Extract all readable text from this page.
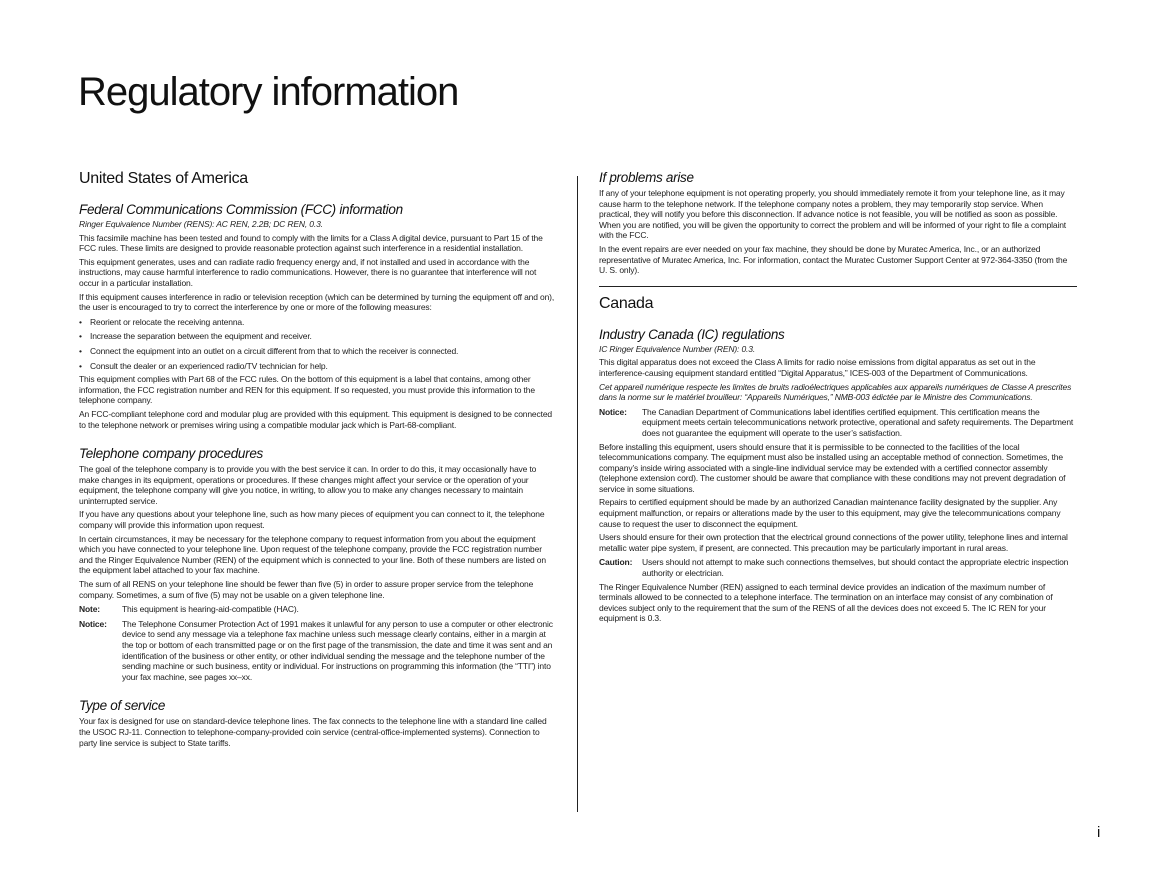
Regulatory information
United States of America
Federal Communications Commission (FCC) information
Ringer Equivalence Number (RENS): AC REN, 2.2B; DC REN, 0.3.
This facsimile machine has been tested and found to comply with the limits for a Class A digital device, pursuant to Part 15 of the FCC rules. These limits are designed to provide reasonable protection against such interference in a residential installation.
This equipment generates, uses and can radiate radio frequency energy and, if not installed and used in accordance with the instructions, may cause harmful interference to radio communications. However, there is no guarantee that interference will not occur in a particular installation.
If this equipment causes interference in radio or television reception (which can be determined by turning the equipment off and on), the user is encouraged to try to correct the interference by one or more of the following measures:
• Reorient or relocate the receiving antenna.
• Increase the separation between the equipment and receiver.
• Connect the equipment into an outlet on a circuit different from that to which the receiver is connected.
• Consult the dealer or an experienced radio/TV technician for help.
This equipment complies with Part 68 of the FCC rules. On the bottom of this equipment is a label that contains, among other information, the FCC registration number and REN for this equipment. If so requested, you must provide this information to the telephone company.
An FCC-compliant telephone cord and modular plug are provided with this equipment. This equipment is designed to be connected to the telephone network or premises wiring using a compatible modular jack which is Part-68-compliant.
Telephone company procedures
The goal of the telephone company is to provide you with the best service it can. In order to do this, it may occasionally have to make changes in its equipment, operations or procedures. If these changes might affect your service or the operation of your equipment, the telephone company will give you notice, in writing, to allow you to make any changes necessary to maintain uninterrupted service.
If you have any questions about your telephone line, such as how many pieces of equipment you can connect to it, the telephone company will provide this information upon request.
In certain circumstances, it may be necessary for the telephone company to request information from you about the equipment which you have connected to your telephone line. Upon request of the telephone company, provide the FCC registration number and the Ringer Equivalence Number (REN) of the equipment which is connected to your line. Both of these numbers are listed on the equipment label attached to your fax machine.
The sum of all RENS on your telephone line should be fewer than five (5) in order to assure proper service from the telephone company. Sometimes, a sum of five (5) may not be usable on a given telephone line.
Note:	This equipment is hearing-aid-compatible (HAC).
Notice:	The Telephone Consumer Protection Act of 1991 makes it unlawful for any person to use a computer or other electronic device to send any message via a telephone fax machine unless such message clearly contains, either in a margin at the top or bottom of each transmitted page or on the first page of the transmission, the date and time it was sent and an identification of the business or other entity, or other individual sending the message and the telephone number of the sending machine or such business, entity or individual. For instructions on programming this information (the “TTI”) into your fax machine, see pages xx–xx.
Type of service
Your fax is designed for use on standard-device telephone lines. The fax connects to the telephone line with a standard line called the USOC RJ-11. Connection to telephone-company-provided coin service (central-office-implemented systems). Connection to party line service is subject to State tariffs.
If problems arise
If any of your telephone equipment is not operating properly, you should immediately remote it from your telephone line, as it may cause harm to the telephone network. If the telephone company notes a problem, they may temporarily stop service. When practical, they will notify you before this disconnection. If advance notice is not feasible, you will be notified as soon as possible. When you are notified, you will be given the opportunity to correct the problem and will be informed of your right to file a complaint with the FCC.
In the event repairs are ever needed on your fax machine, they should be done by Muratec America, Inc., or an authorized representative of Muratec America, Inc. For information, contact the Muratec Customer Support Center at 972-364-3350 (from the U. S. only).
Canada
Industry Canada (IC) regulations
IC Ringer Equivalence Number (REN): 0.3.
This digital apparatus does not exceed the Class A limits for radio noise emissions from digital apparatus as set out in the interference-causing equipment standard entitled “Digital Apparatus,” ICES-003 of the Department of Communications.
Cet appareil numérique respecte les limites de bruits radioélectriques applicables aux appareils numériques de Classe A prescrites dans la norme sur le matériel brouilleur: “Appareils Numériques,” NMB-003 édictée par le Ministre des Communications.
Notice:	The Canadian Department of Communications label identifies certified equipment. This certification means the equipment meets certain telecommunications network protective, operational and safety requirements. The Department does not guarantee the equipment will operate to the user’s satisfaction.
Before installing this equipment, users should ensure that it is permissible to be connected to the facilities of the local telecommunications company. The equipment must also be installed using an acceptable method of connection. Sometimes, the company’s inside wiring associated with a single-line individual service may be extended with a certified connector assembly (telephone extension cord). The customer should be aware that compliance with these conditions may not prevent degradation of service in some situations.
Repairs to certified equipment should be made by an authorized Canadian maintenance facility designated by the supplier. Any equipment malfunction, or repairs or alterations made by the user to this equipment, may give the telecommunications company cause to request the user to disconnect the equipment.
Users should ensure for their own protection that the electrical ground connections of the power utility, telephone lines and internal metallic water pipe system, if present, are connected. This precaution may be particularly important in rural areas.
Caution:	Users should not attempt to make such connections themselves, but should contact the appropriate electric inspection authority or electrician.
The Ringer Equivalence Number (REN) assigned to each terminal device provides an indication of the maximum number of terminals allowed to be connected to a telephone interface. The termination on an interface may consist of any combination of devices subject only to the requirement that the sum of the RENS of all the devices does not exceed 5. The IC REN for your equipment is 0.3.
i
